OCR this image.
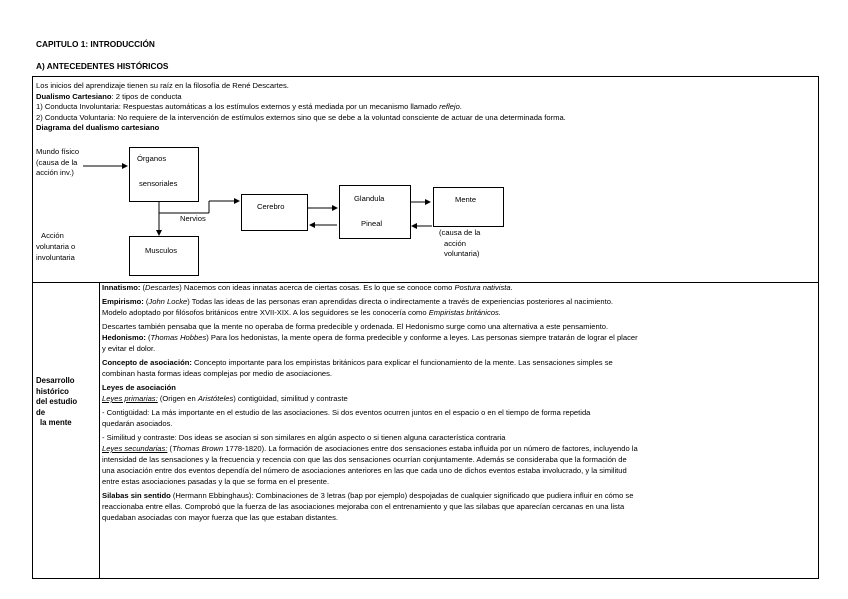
CAPITULO 1: INTRODUCCIÓN
A) ANTECEDENTES HISTÓRICOS
Los inicios del aprendizaje tienen su raíz en la filosofía de René Descartes.
Dualismo Cartesiano: 2 tipos de conducta
1) Conducta Involuntaria: Respuestas automáticas a los estímulos externos y está mediada por un mecanismo llamado reflejo.
2) Conducta Voluntaria: No requiere de la intervención de estímulos externos sino que se debe a la voluntad consciente de actuar de una determinada forma.
Diagrama del dualismo cartesiano
Mundo físico
(causa de la
acción inv.)
Órganos
sensoriales
Nervios
Cerebro
Glandula
Pineal
Mente
(causa de la
acción
voluntaria)
Acción
voluntaria o
involuntaria
Musculos
Desarrollo
histórico
del estudio
de
la mente
Innatismo: (Descartes) Nacemos con ideas innatas acerca de ciertas cosas. Es lo que se conoce como Postura nativista.
Empirismo: (John Locke) Todas las ideas de las personas eran aprendidas directa o indirectamente a través de experiencias posteriores al nacimiento.
Modelo adoptado por filósofos británicos entre XVII-XIX. A los seguidores se les conocería como Empiristas británicos.
Descartes también pensaba que la mente no operaba de forma predecible y ordenada. El Hedonismo surge como una alternativa a este pensamiento.
Hedonismo: (Thomas Hobbes) Para los hedonistas, la mente opera de forma predecible y conforme a leyes. Las personas siempre tratarán de lograr el placer
y evitar el dolor.
Concepto de asociación: Concepto importante para los empiristas británicos para explicar el funcionamiento de la mente. Las sensaciones simples se
combinan hasta formas ideas complejas por medio de asociaciones.
Leyes de asociación
Leyes primarias: (Origen en Aristóteles) contigüidad, similitud y contraste
- Contigüidad: La más importante en el estudio de las asociaciones. Si dos eventos ocurren juntos en el espacio o en el tiempo de forma repetida
quedarán asociados.
- Similitud y contraste: Dos ideas se asocian si son similares en algún aspecto o si tienen alguna característica contraria
Leyes secundarias: (Thomas Brown 1778-1820). La formación de asociaciones entre dos sensaciones estaba influida por un número de factores, incluyendo la
intensidad de las sensaciones y la frecuencia y recencia con que las dos sensaciones ocurrían conjuntamente. Además se consideraba que la formación de
una asociación entre dos eventos dependía del número de asociaciones anteriores en las que cada uno de dichos eventos estaba involucrado, y la similitud
entre estas asociaciones pasadas y la que se forma en el presente.
Silabas sin sentido (Hermann Ebbinghaus): Combinaciones de 3 letras (bap por ejemplo) despojadas de cualquier significado que pudiera influir en cómo se
reaccionaba entre ellas. Comprobó que la fuerza de las asociaciones mejoraba con el entrenamiento y que las silabas que aparecían cercanas en una lista
quedaban asociadas con mayor fuerza que las que estaban distantes.
